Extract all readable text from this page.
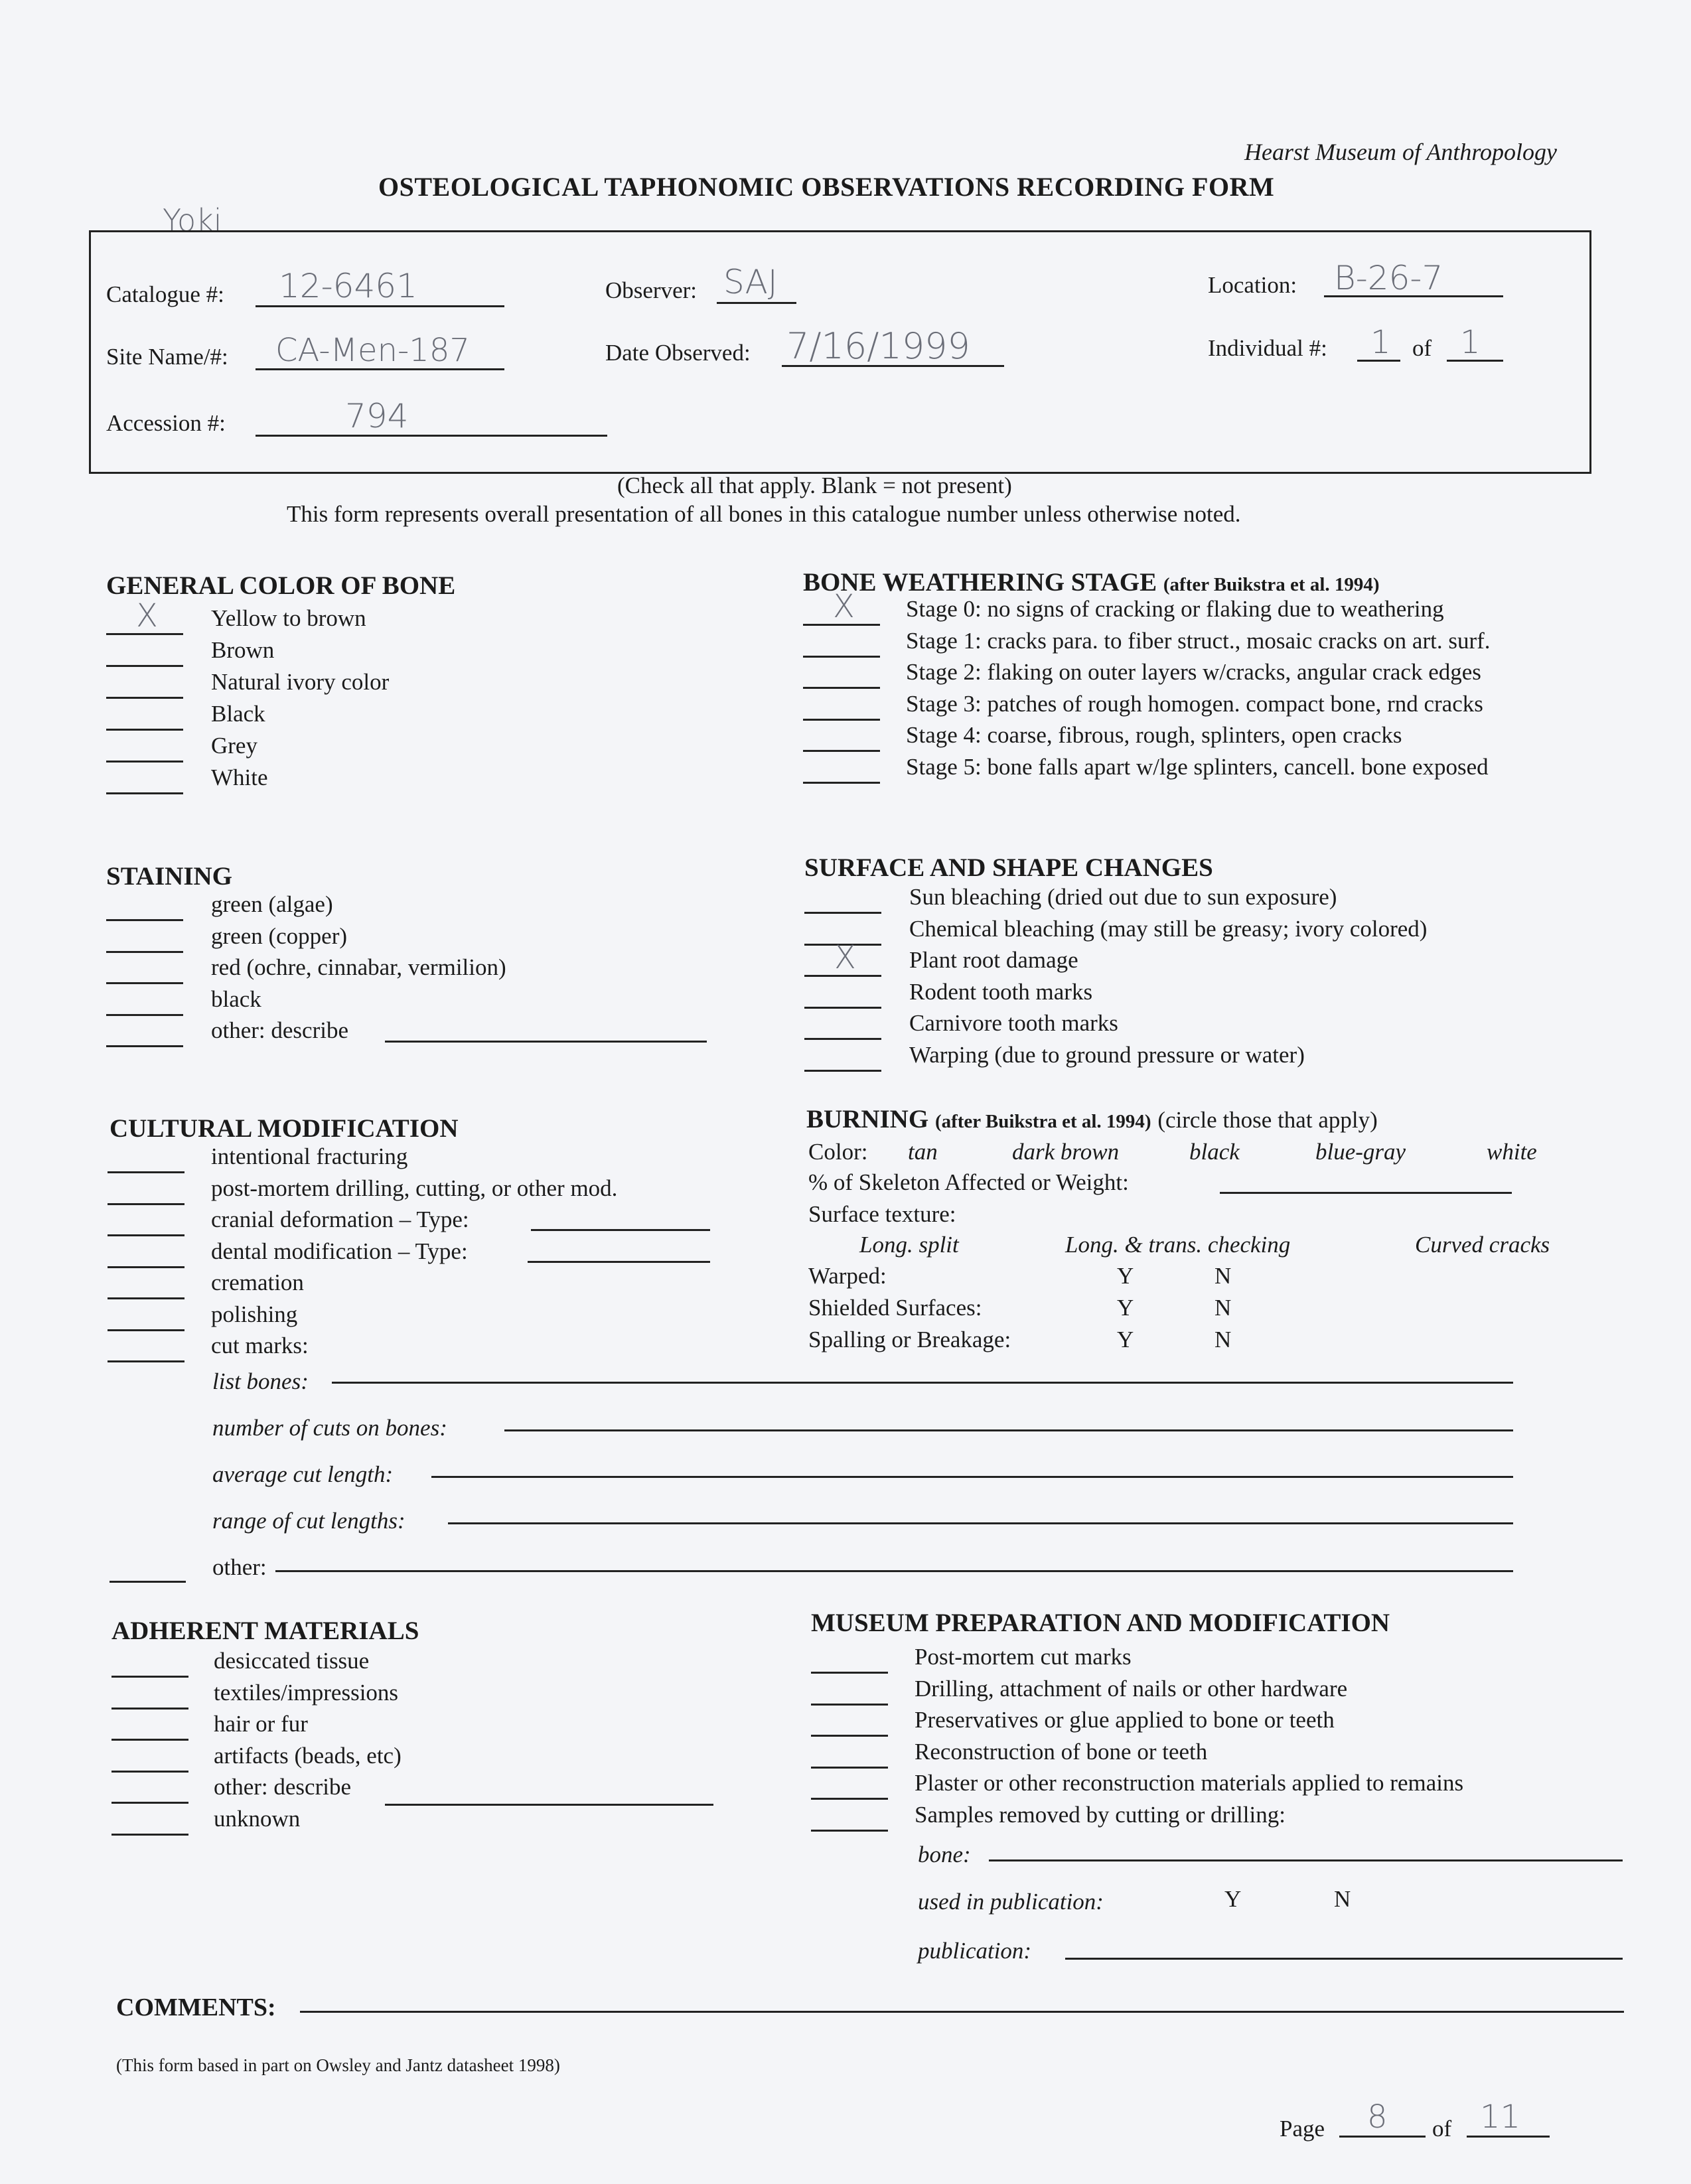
Hearst Museum of Anthropology
OSTEOLOGICAL TAPHONOMIC OBSERVATIONS RECORDING FORM
Yoki
Catalogue #: 12-6461	Observer: SAJ	Location: B-26-7
Site Name/#: CA-Men-187	Date Observed: 7/16/1999	Individual #: 1 of 1
Accession #:	794
(Check all that apply. Blank = not present)
This form represents overall presentation of all bones in this catalogue number unless otherwise noted.
GENERAL COLOR OF BONE
X Yellow to brown
Brown
Natural ivory color
Black
Grey
White
BONE WEATHERING STAGE (after Buikstra et al. 1994)
X Stage 0: no signs of cracking or flaking due to weathering
Stage 1: cracks para. to fiber struct., mosaic cracks on art. surf.
Stage 2: flaking on outer layers w/cracks, angular crack edges
Stage 3: patches of rough homogen. compact bone, rnd cracks
Stage 4: coarse, fibrous, rough, splinters, open cracks
Stage 5: bone falls apart w/lge splinters, cancell. bone exposed
STAINING
green (algae)
green (copper)
red (ochre, cinnabar, vermilion)
black
other: describe
SURFACE AND SHAPE CHANGES
Sun bleaching (dried out due to sun exposure)
Chemical bleaching (may still be greasy; ivory colored)
X Plant root damage
Rodent tooth marks
Carnivore tooth marks
Warping (due to ground pressure or water)
CULTURAL MODIFICATION
intentional fracturing
post-mortem drilling, cutting, or other mod.
cranial deformation – Type:
dental modification – Type:
cremation
polishing
cut marks:
list bones:
number of cuts on bones:
average cut length:
range of cut lengths:
other:
BURNING (after Buikstra et al. 1994) (circle those that apply)
Color: tan	dark brown	black	blue-gray	white
% of Skeleton Affected or Weight:
Surface texture:
Long. split	Long. & trans. checking	Curved cracks
Warped:	Y	N
Shielded Surfaces:	Y	N
Spalling or Breakage:	Y	N
ADHERENT MATERIALS
desiccated tissue
textiles/impressions
hair or fur
artifacts (beads, etc)
other: describe
unknown
MUSEUM PREPARATION AND MODIFICATION
Post-mortem cut marks
Drilling, attachment of nails or other hardware
Preservatives or glue applied to bone or teeth
Reconstruction of bone or teeth
Plaster or other reconstruction materials applied to remains
Samples removed by cutting or drilling:
bone:
used in publication:	Y	N
publication:
COMMENTS:
(This form based in part on Owsley and Jantz datasheet 1998)
Page 8 of 11
